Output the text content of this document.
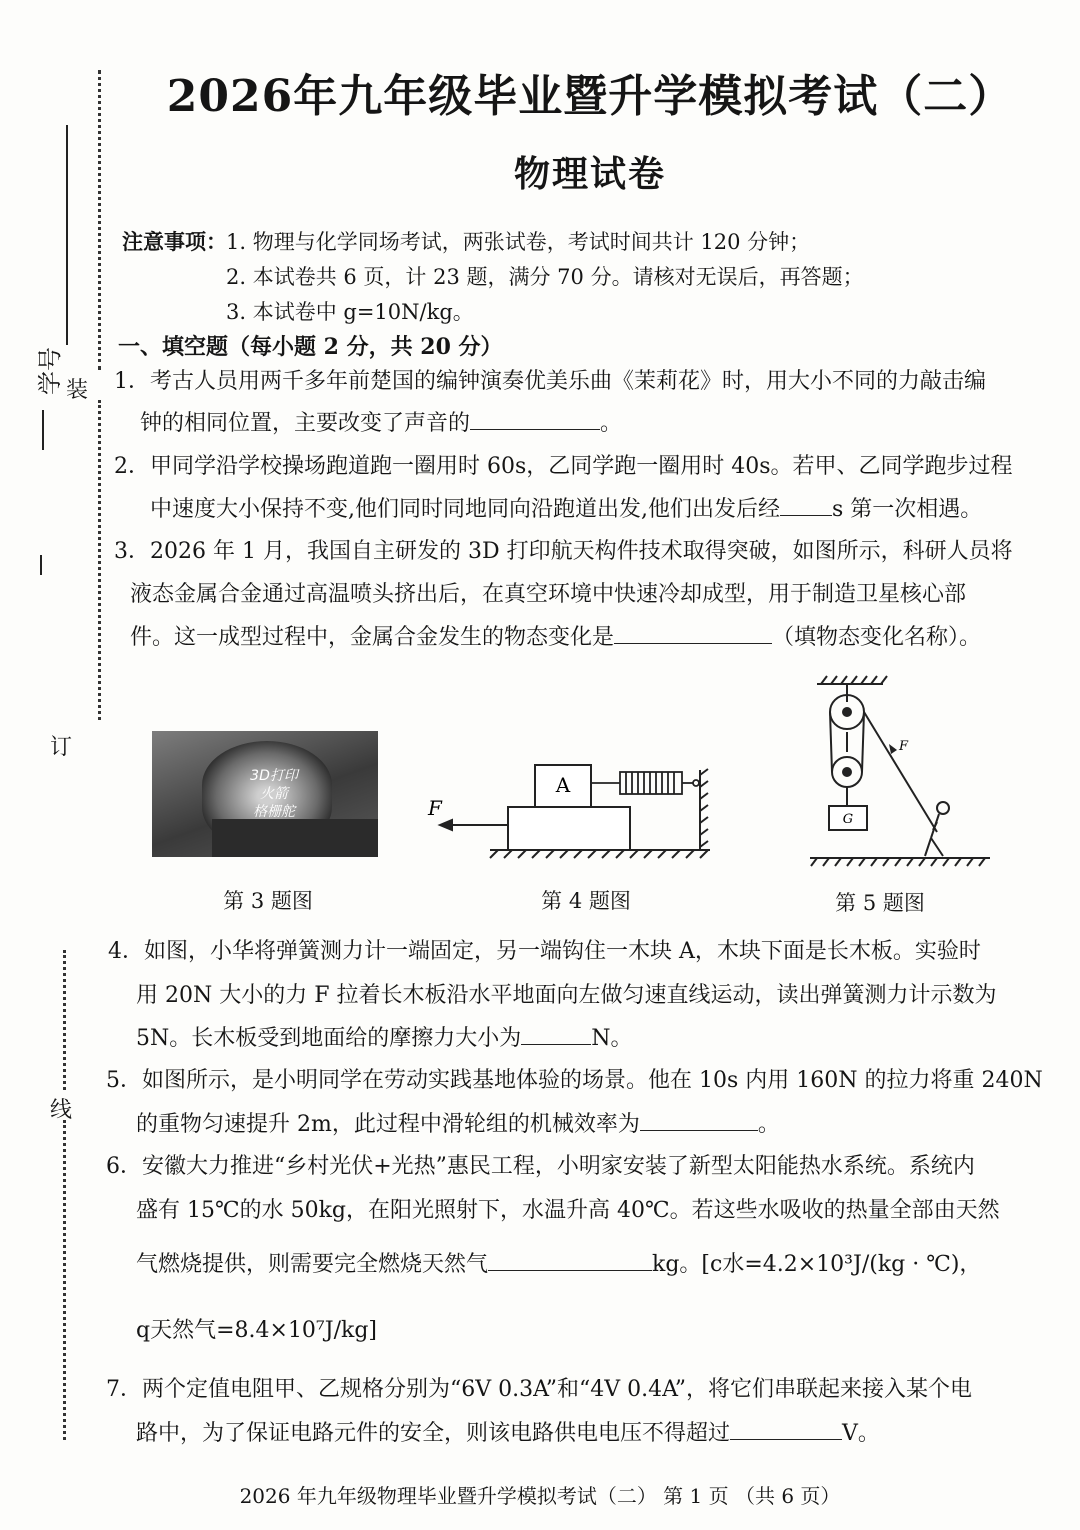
学号 装
订
线
2026年九年级毕业暨升学模拟考试（二）
物理试卷
注意事项： 1. 物理与化学同场考试，两张试卷，考试时间共计 120 分钟；
2. 本试卷共 6 页，计 23 题，满分 70 分。请核对无误后，再答题；
3. 本试卷中 g=10N/kg。
一、填空题（每小题 2 分，共 20 分）
1．考古人员用两千多年前楚国的编钟演奏优美乐曲《茉莉花》时，用大小不同的力敲击编
钟的相同位置，主要改变了声音的	。
2．甲同学沿学校操场跑道跑一圈用时 60s，乙同学跑一圈用时 40s。若甲、乙同学跑步过程
中速度大小保持不变,他们同时同地同向沿跑道出发,他们出发后经 s 第一次相遇。
3．2026 年 1 月，我国自主研发的 3D 打印航天构件技术取得突破，如图所示，科研人员将
液态金属合金通过高温喷头挤出后，在真空环境中快速冷却成型，用于制造卫星核心部
件。这一成型过程中，金属合金发生的物态变化是	（填物态变化名称）。
3D打印
火箭
格栅舵
第 3 题图
A
F
第 4 题图
G
F
第 5 题图
4．如图，小华将弹簧测力计一端固定，另一端钩住一木块 A，木块下面是长木板。实验时
用 20N 大小的力 F 拉着长木板沿水平地面向左做匀速直线运动，读出弹簧测力计示数为
5N。长木板受到地面给的摩擦力大小为	N。
5．如图所示，是小明同学在劳动实践基地体验的场景。他在 10s 内用 160N 的拉力将重 240N
的重物匀速提升 2m，此过程中滑轮组的机械效率为	。
6．安徽大力推进“乡村光伏+光热”惠民工程，小明家安装了新型太阳能热水系统。系统内
盛有 15℃的水 50kg，在阳光照射下，水温升高 40℃。若这些水吸收的热量全部由天然
气燃烧提供，则需要完全燃烧天然气	kg。[c水=4.2×10³J/(kg · ℃)，
q天然气=8.4×10⁷J/kg]
7．两个定值电阻甲、乙规格分别为“6V 0.3A”和“4V 0.4A”，将它们串联起来接入某个电
路中，为了保证电路元件的安全，则该电路供电电压不得超过	V。
2026 年九年级物理毕业暨升学模拟考试（二） 第 1 页 （共 6 页）
